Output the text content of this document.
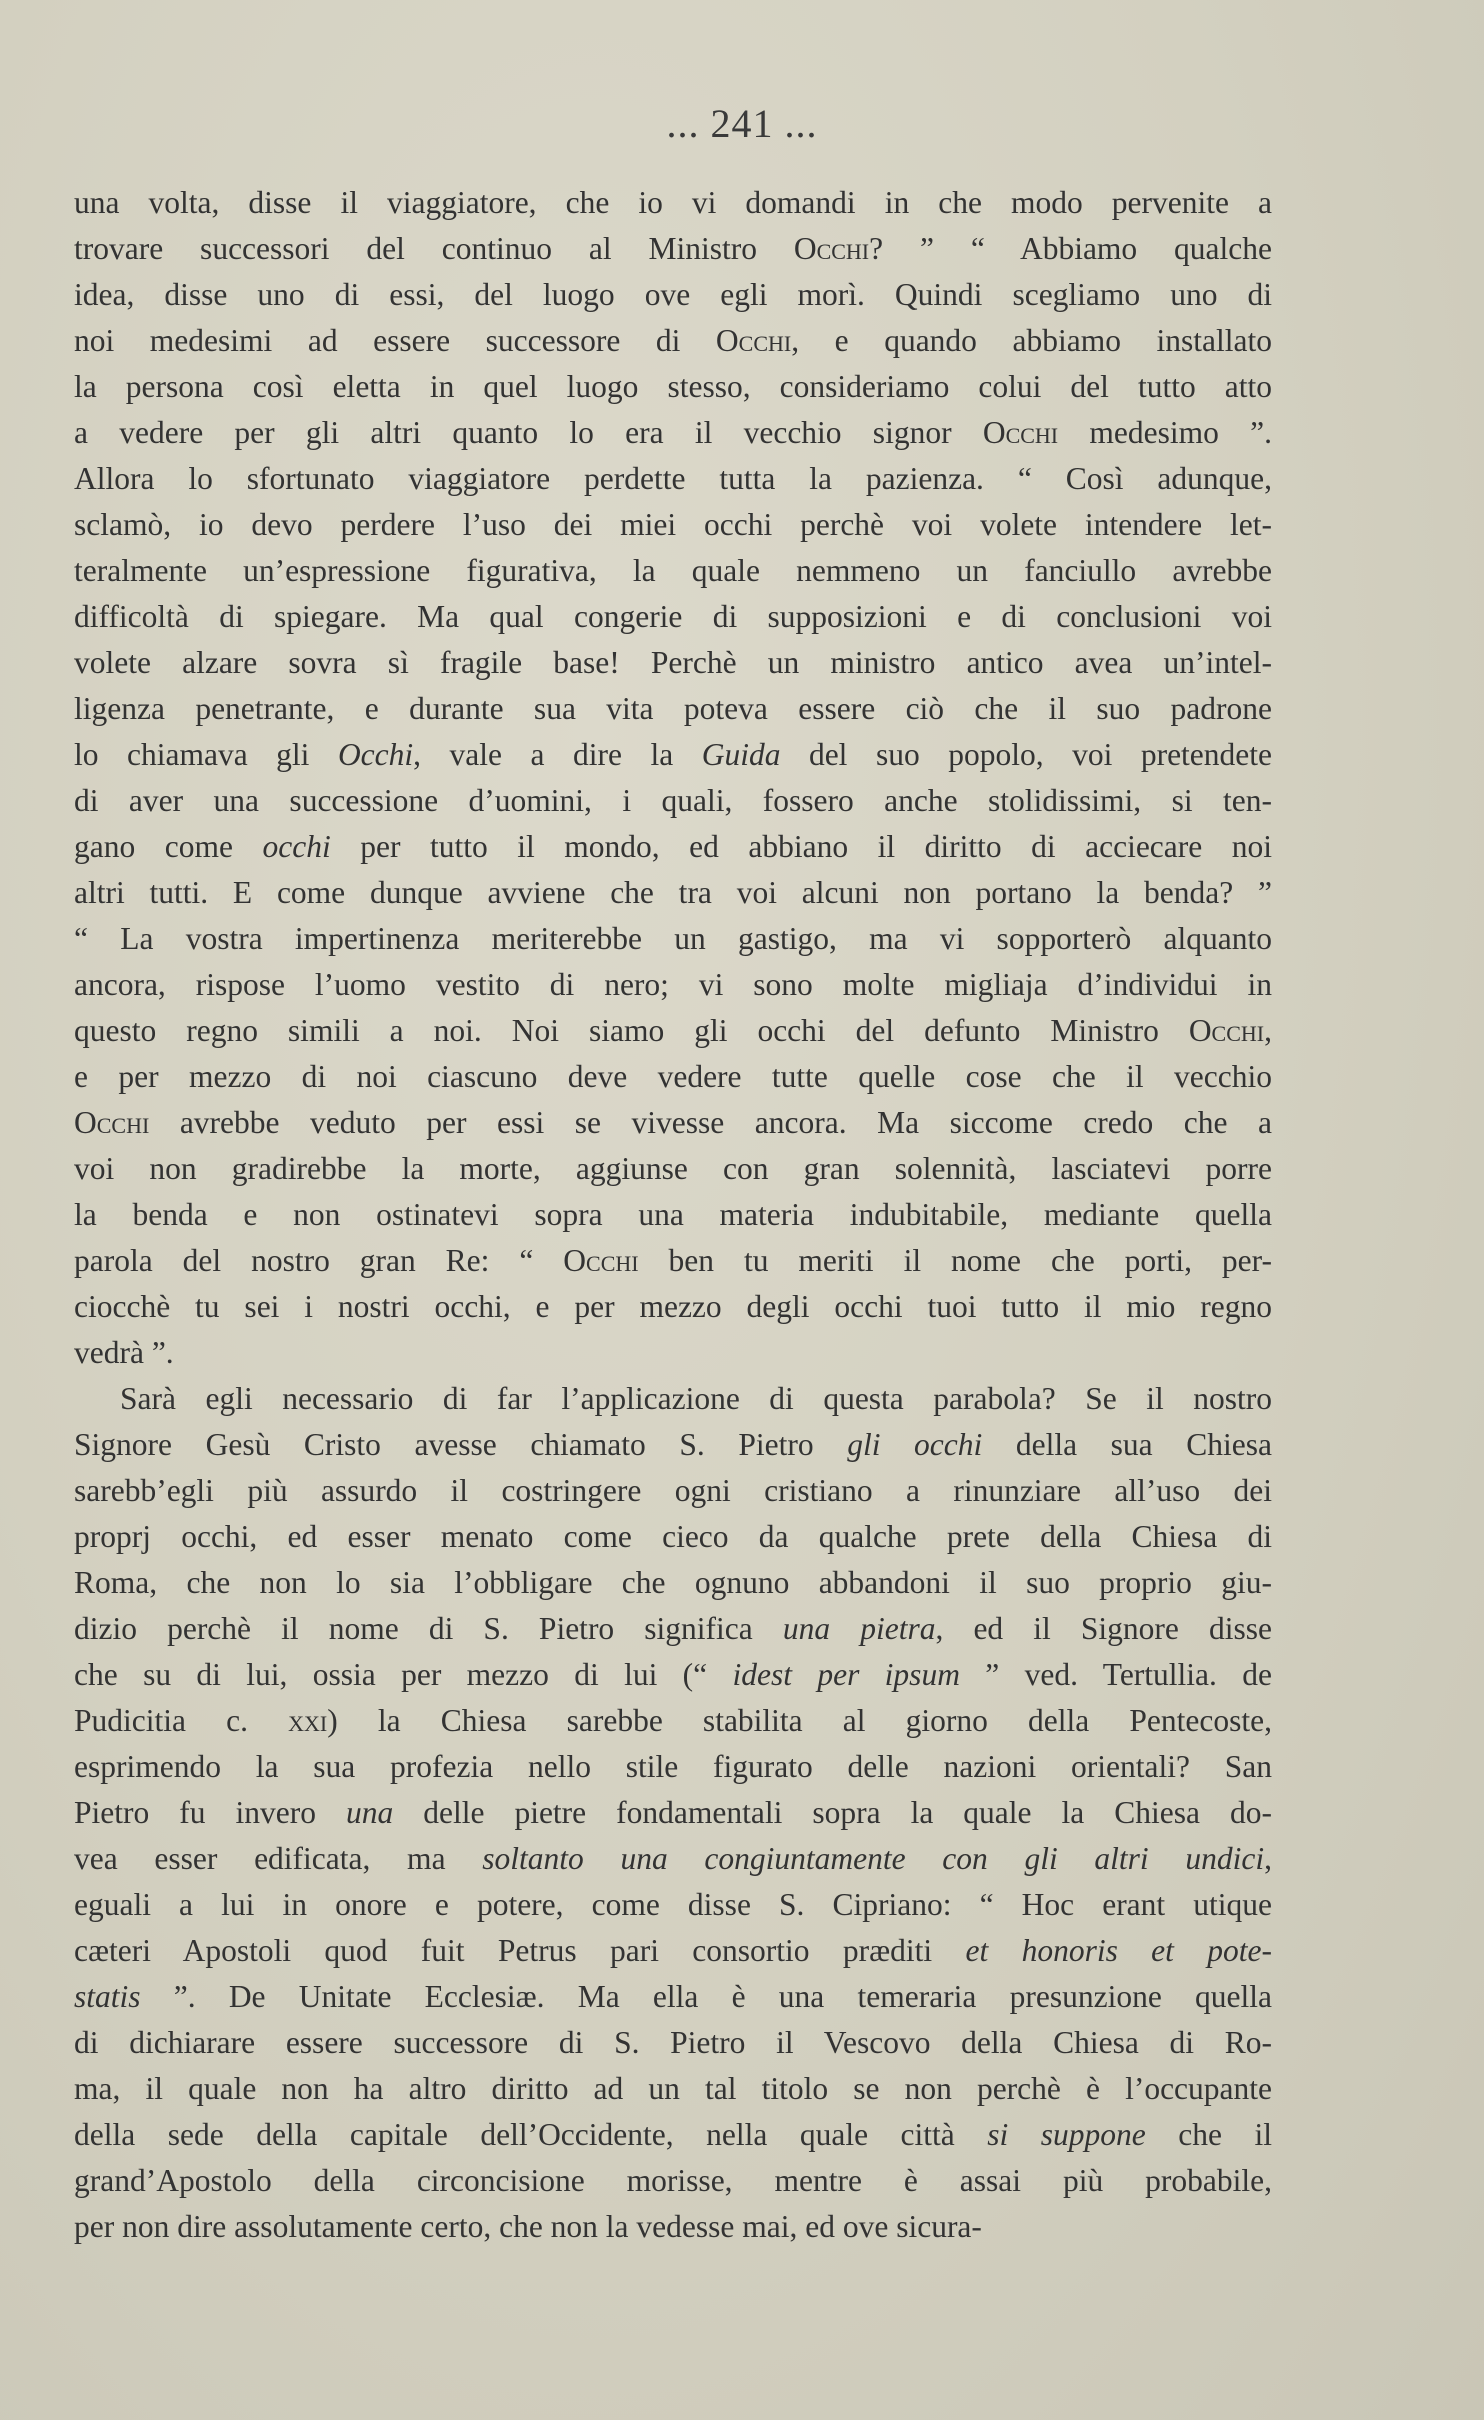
... 241 ...
una volta, disse il viaggiatore, che io vi domandi in che modo pervenite a
trovare successori del continuo al Ministro Occhi? ” “ Abbiamo qualche
idea, disse uno di essi, del luogo ove egli morì. Quindi scegliamo uno di
noi medesimi ad essere successore di Occhi, e quando abbiamo installato
la persona così eletta in quel luogo stesso, consideriamo colui del tutto atto
a vedere per gli altri quanto lo era il vecchio signor Occhi medesimo ”.
Allora lo sfortunato viaggiatore perdette tutta la pazienza. “ Così adunque,
sclamò, io devo perdere l’uso dei miei occhi perchè voi volete intendere let-
teralmente un’espressione figurativa, la quale nemmeno un fanciullo avrebbe
difficoltà di spiegare. Ma qual congerie di supposizioni e di conclusioni voi
volete alzare sovra sì fragile base! Perchè un ministro antico avea un’intel-
ligenza penetrante, e durante sua vita poteva essere ciò che il suo padrone
lo chiamava gli Occhi, vale a dire la Guida del suo popolo, voi pretendete
di aver una successione d’uomini, i quali, fossero anche stolidissimi, si ten-
gano come occhi per tutto il mondo, ed abbiano il diritto di acciecare noi
altri tutti. E come dunque avviene che tra voi alcuni non portano la benda? ”
“ La vostra impertinenza meriterebbe un gastigo, ma vi sopporterò alquanto
ancora, rispose l’uomo vestito di nero; vi sono molte migliaja d’individui in
questo regno simili a noi. Noi siamo gli occhi del defunto Ministro Occhi,
e per mezzo di noi ciascuno deve vedere tutte quelle cose che il vecchio
Occhi avrebbe veduto per essi se vivesse ancora. Ma siccome credo che a
voi non gradirebbe la morte, aggiunse con gran solennità, lasciatevi porre
la benda e non ostinatevi sopra una materia indubitabile, mediante quella
parola del nostro gran Re: “ Occhi ben tu meriti il nome che porti, per-
ciocchè tu sei i nostri occhi, e per mezzo degli occhi tuoi tutto il mio regno
vedrà ”.
Sarà egli necessario di far l’applicazione di questa parabola? Se il nostro
Signore Gesù Cristo avesse chiamato S. Pietro gli occhi della sua Chiesa
sarebb’egli più assurdo il costringere ogni cristiano a rinunziare all’uso dei
proprj occhi, ed esser menato come cieco da qualche prete della Chiesa di
Roma, che non lo sia l’obbligare che ognuno abbandoni il suo proprio giu-
dizio perchè il nome di S. Pietro significa una pietra, ed il Signore disse
che su di lui, ossia per mezzo di lui (“ idest per ipsum ” ved. Tertullia. de
Pudicitia c. xxi) la Chiesa sarebbe stabilita al giorno della Pentecoste,
esprimendo la sua profezia nello stile figurato delle nazioni orientali? San
Pietro fu invero una delle pietre fondamentali sopra la quale la Chiesa do-
vea esser edificata, ma soltanto una congiuntamente con gli altri undici,
eguali a lui in onore e potere, come disse S. Cipriano: “ Hoc erant utique
cæteri Apostoli quod fuit Petrus pari consortio præditi et honoris et pote-
statis ”. De Unitate Ecclesiæ. Ma ella è una temeraria presunzione quella
di dichiarare essere successore di S. Pietro il Vescovo della Chiesa di Ro-
ma, il quale non ha altro diritto ad un tal titolo se non perchè è l’occupante
della sede della capitale dell’Occidente, nella quale città si suppone che il
grand’Apostolo della circoncisione morisse, mentre è assai più probabile,
per non dire assolutamente certo, che non la vedesse mai, ed ove sicura-
